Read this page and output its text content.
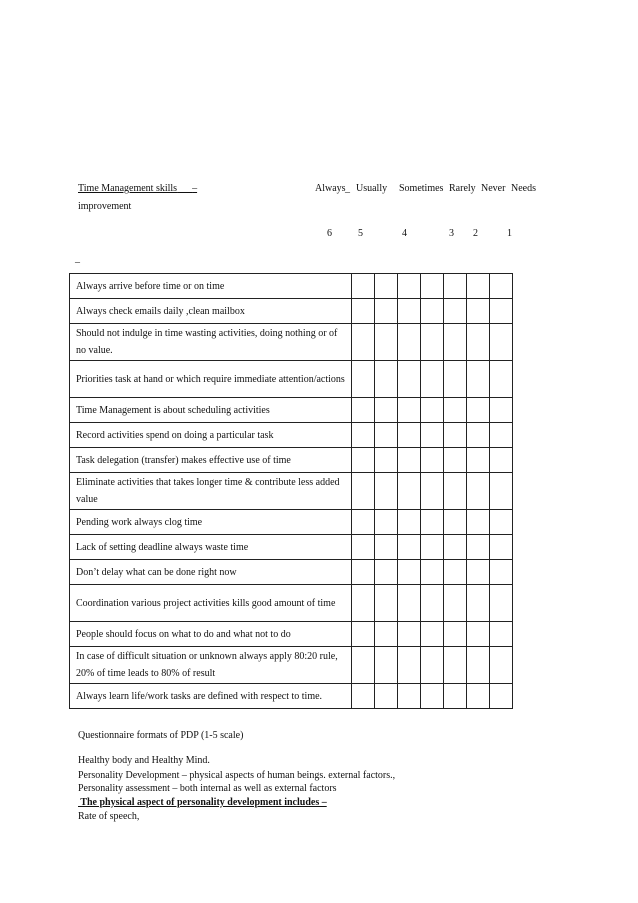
Time Management skills –
improvement
Always _ Usually Sometimes Rarely Never Needs
6	5	4	3 2	1
_
Always arrive before time or on time							
Always check emails daily ,clean mailbox							
Should not indulge in time wasting activities, doing nothing or of no value.							
Priorities task at hand or which require immediate attention/actions							
Time Management is about scheduling activities							
Record activities spend on doing a particular task							
Task delegation (transfer) makes effective use of time							
Eliminate activities that takes longer time & contribute less added value							
Pending work always clog time							
Lack of setting deadline always waste time							
Don’t delay what can be done right now							
Coordination various project activities kills good amount of time							
People should focus on what to do and what not to do							
In case of difficult situation or unknown always apply 80:20 rule, 20% of time leads to 80% of result							
Always learn life/work tasks are defined with respect to time.							
Questionnaire formats of PDP (1-5 scale)
Healthy body and Healthy Mind.
Personality Development – physical aspects of human beings. external factors.,
Personality assessment – both internal as well as external factors
The physical aspect of personality development includes –
Rate of speech,
